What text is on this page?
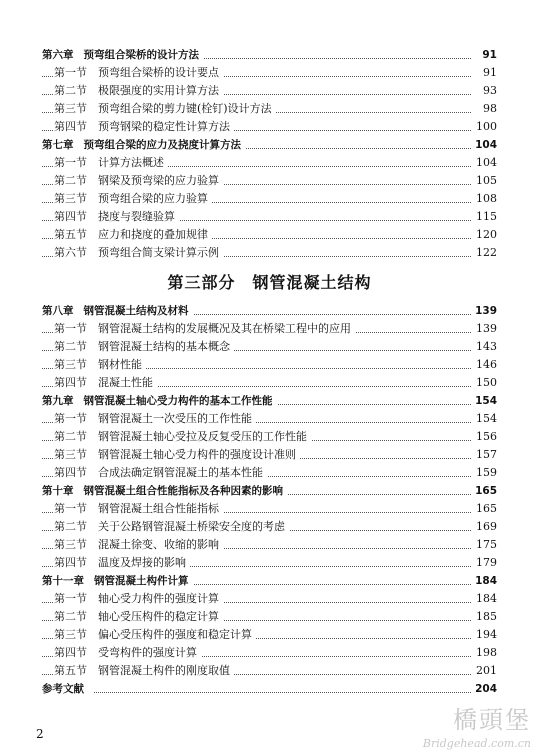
第六章 预弯组合梁桥的设计方法	91
第一节 预弯组合梁桥的设计要点	91
第二节 极限强度的实用计算方法	93
第三节 预弯组合梁的剪力键(栓钉)设计方法	98
第四节 预弯钢梁的稳定性计算方法	100
第七章 预弯组合梁的应力及挠度计算方法	104
第一节 计算方法概述	104
第二节 钢梁及预弯梁的应力验算	105
第三节 预弯组合梁的应力验算	108
第四节 挠度与裂缝验算	115
第五节 应力和挠度的叠加规律	120
第六节 预弯组合简支梁计算示例	122
第三部分　钢管混凝土结构
第八章 钢管混凝土结构及材料	139
第一节 钢管混凝土结构的发展概况及其在桥梁工程中的应用	139
第二节 钢管混凝土结构的基本概念	143
第三节 钢材性能	146
第四节 混凝土性能	150
第九章 钢管混凝土轴心受力构件的基本工作性能	154
第一节 钢管混凝土一次受压的工作性能	154
第二节 钢管混凝土轴心受拉及反复受压的工作性能	156
第三节 钢管混凝土轴心受力构件的强度设计准则	157
第四节 合成法确定钢管混凝土的基本性能	159
第十章 钢管混凝土组合性能指标及各种因素的影响	165
第一节 钢管混凝土组合性能指标	165
第二节 关于公路钢管混凝土桥梁安全度的考虑	169
第三节 混凝土徐变、收缩的影响	175
第四节 温度及焊接的影响	179
第十一章 钢管混凝土构件计算	184
第一节 轴心受力构件的强度计算	184
第二节 轴心受压构件的稳定计算	185
第三节 偏心受压构件的强度和稳定计算	194
第四节 受弯构件的强度计算	198
第五节 钢管混凝土构件的刚度取值	201
参考文献	204
2	橋頭堡
Bridgehead.com.cn
